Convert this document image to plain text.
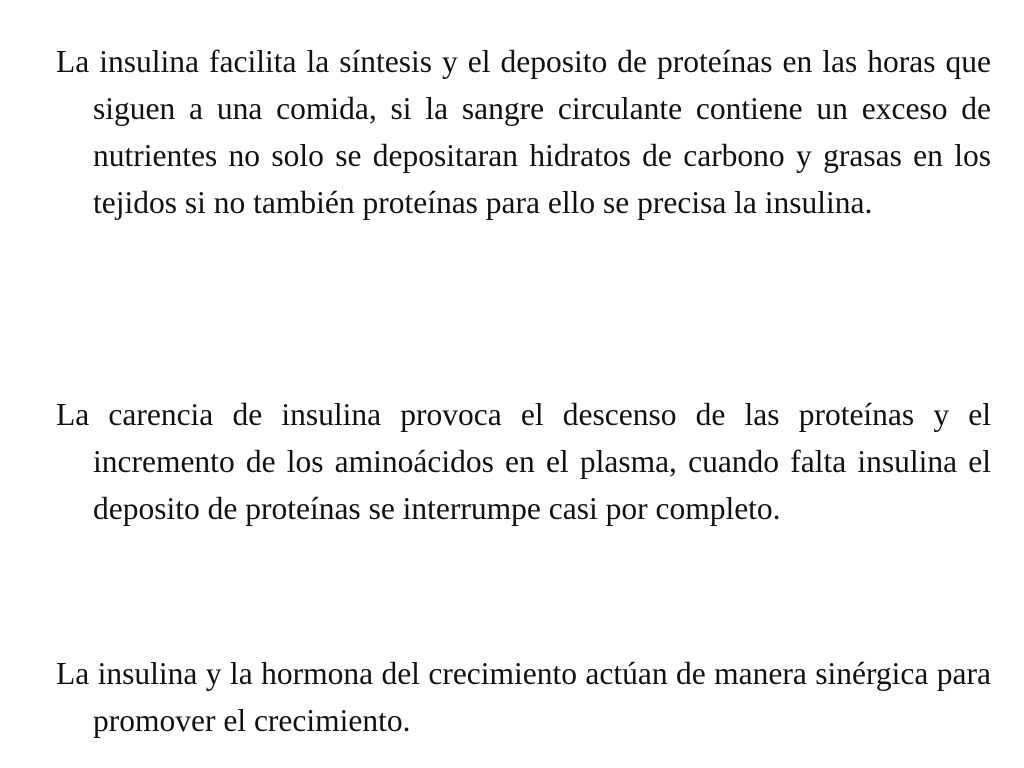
La insulina facilita la síntesis y el deposito de proteínas en las horas que siguen a una comida, si la sangre circulante contiene un exceso de nutrientes no solo se depositaran hidratos de carbono y grasas en los tejidos si no también proteínas para ello se precisa la insulina.

La carencia de insulina provoca el descenso de las proteínas y el incremento de los aminoácidos en el plasma, cuando falta insulina el deposito de proteínas se interrumpe casi por completo.

La insulina y la hormona del crecimiento actúan de manera sinérgica para promover el crecimiento.
